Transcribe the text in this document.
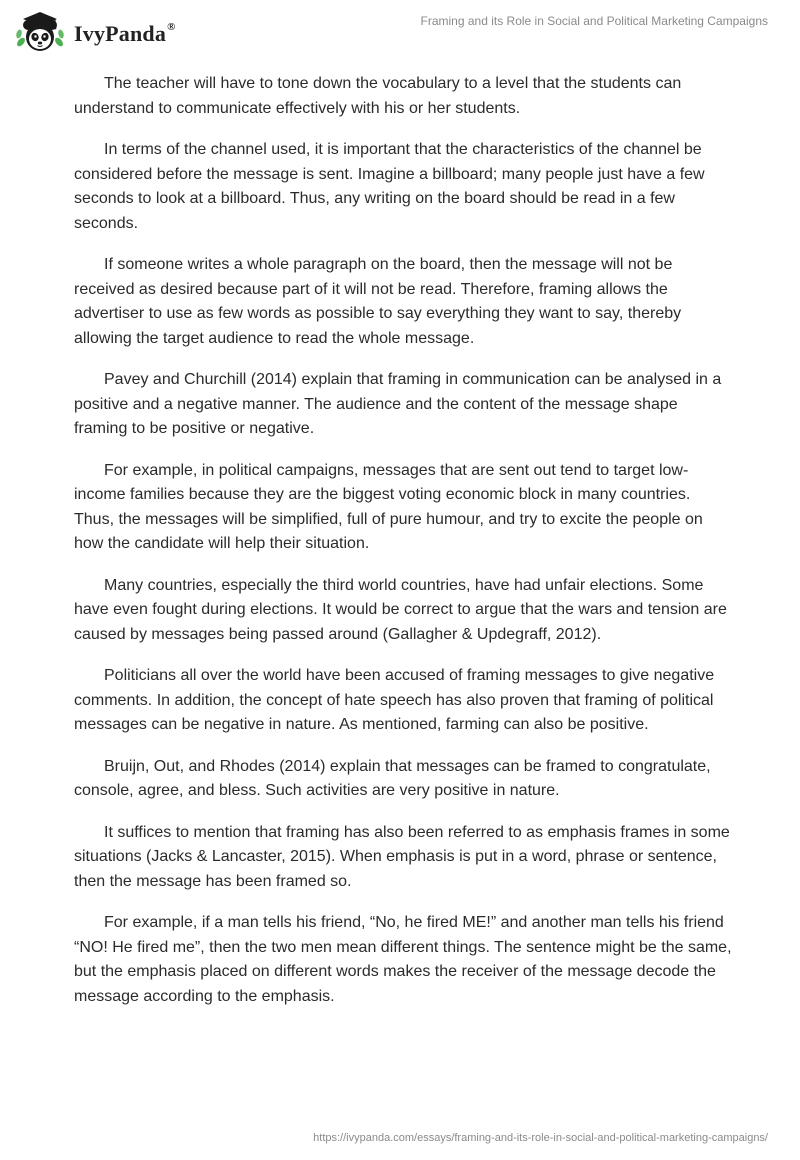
IvyPanda®	Framing and its Role in Social and Political Marketing Campaigns

The teacher will have to tone down the vocabulary to a level that the students can understand to communicate effectively with his or her students.

In terms of the channel used, it is important that the characteristics of the channel be considered before the message is sent. Imagine a billboard; many people just have a few seconds to look at a billboard. Thus, any writing on the board should be read in a few seconds.

If someone writes a whole paragraph on the board, then the message will not be received as desired because part of it will not be read. Therefore, framing allows the advertiser to use as few words as possible to say everything they want to say, thereby allowing the target audience to read the whole message.

Pavey and Churchill (2014) explain that framing in communication can be analysed in a positive and a negative manner. The audience and the content of the message shape framing to be positive or negative.

For example, in political campaigns, messages that are sent out tend to target low-income families because they are the biggest voting economic block in many countries. Thus, the messages will be simplified, full of pure humour, and try to excite the people on how the candidate will help their situation.

Many countries, especially the third world countries, have had unfair elections. Some have even fought during elections. It would be correct to argue that the wars and tension are caused by messages being passed around (Gallagher & Updegraff, 2012).

Politicians all over the world have been accused of framing messages to give negative comments. In addition, the concept of hate speech has also proven that framing of political messages can be negative in nature. As mentioned, farming can also be positive.

Bruijn, Out, and Rhodes (2014) explain that messages can be framed to congratulate, console, agree, and bless. Such activities are very positive in nature.

It suffices to mention that framing has also been referred to as emphasis frames in some situations (Jacks & Lancaster, 2015). When emphasis is put in a word, phrase or sentence, then the message has been framed so.

For example, if a man tells his friend, “No, he fired ME!” and another man tells his friend “NO! He fired me”, then the two men mean different things. The sentence might be the same, but the emphasis placed on different words makes the receiver of the message decode the message according to the emphasis.

https://ivypanda.com/essays/framing-and-its-role-in-social-and-political-marketing-campaigns/
